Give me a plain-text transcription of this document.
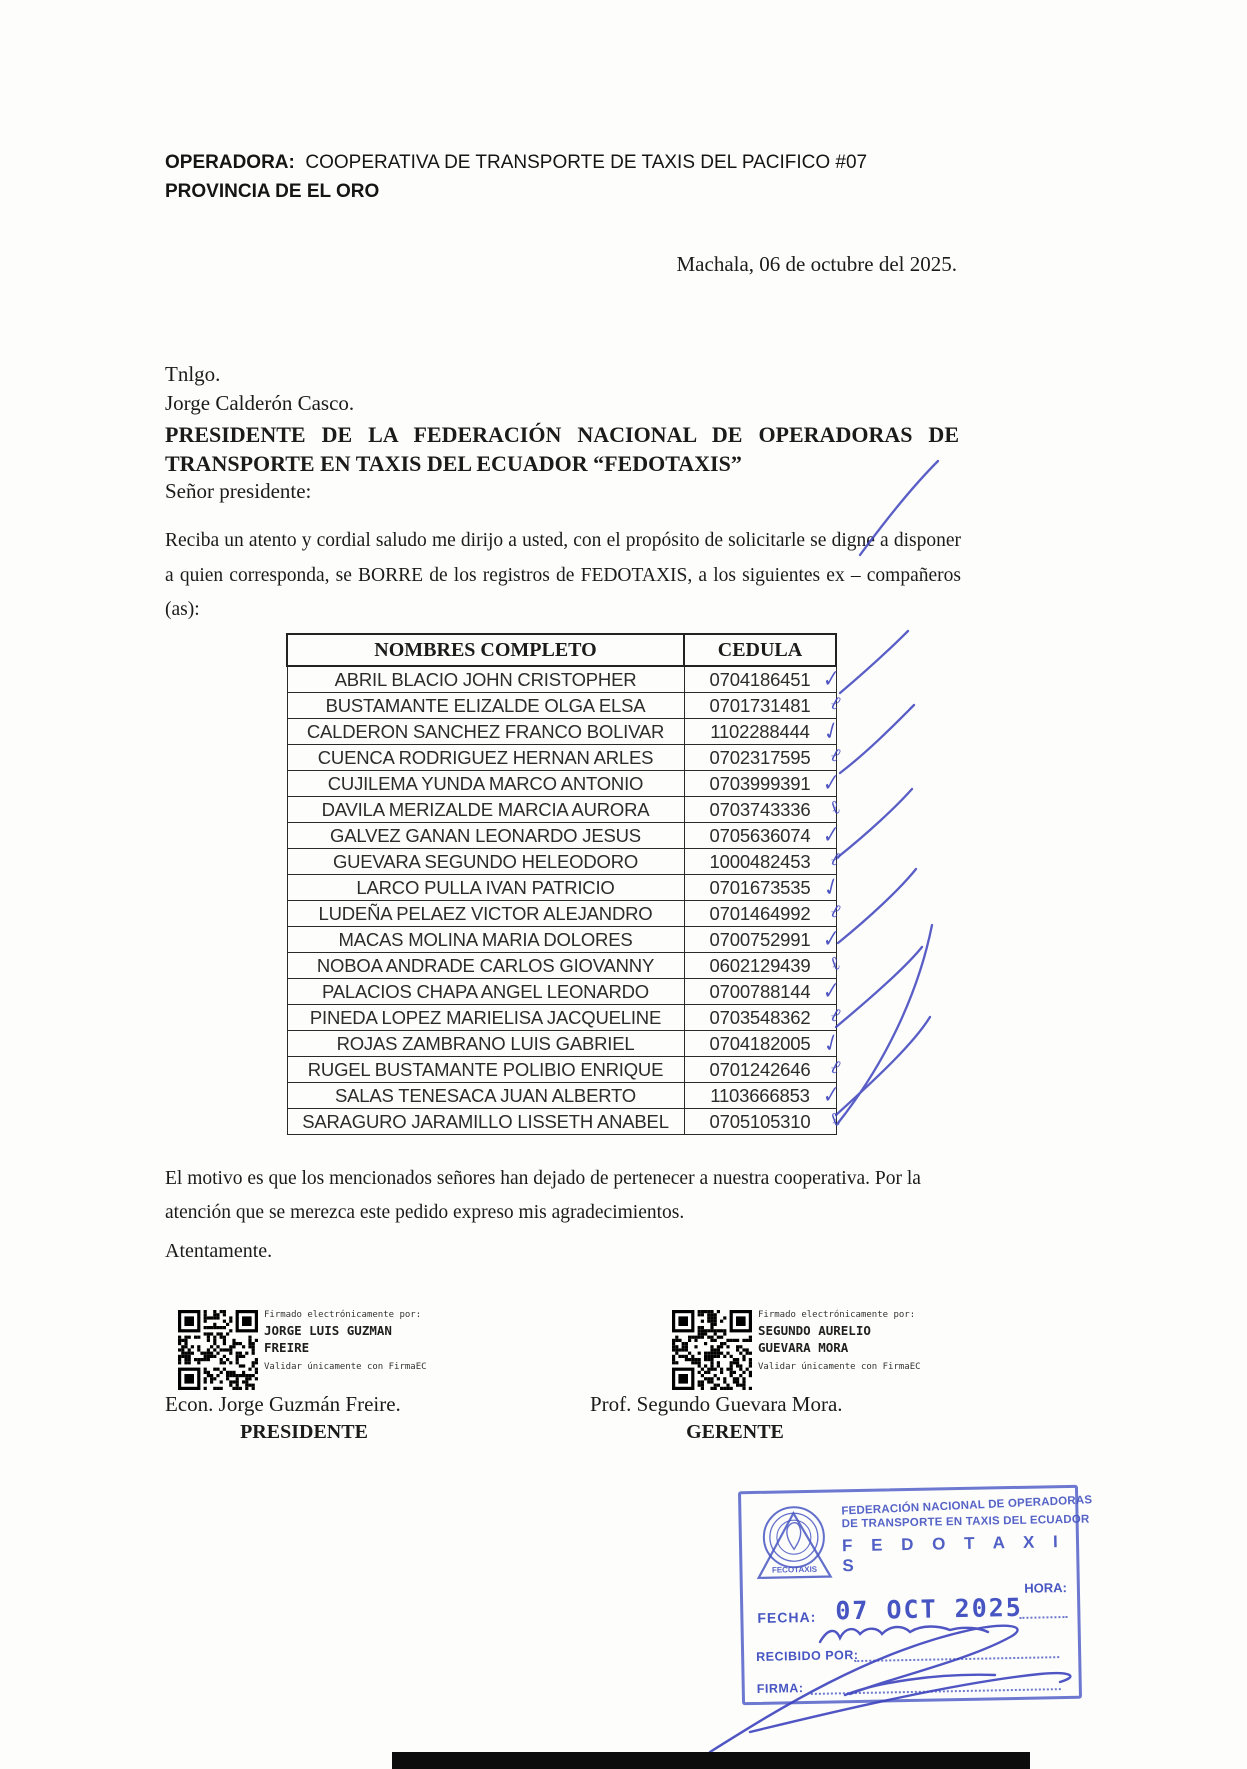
OPERADORA: COOPERATIVA DE TRANSPORTE DE TAXIS DEL PACIFICO #07
PROVINCIA DE EL ORO
Machala, 06 de octubre del 2025.
Tnlgo.
Jorge Calderón Casco.
PRESIDENTE DE LA FEDERACIÓN NACIONAL DE OPERADORAS DE TRANSPORTE EN TAXIS DEL ECUADOR “FEDOTAXIS”
Señor presidente:
Reciba un atento y cordial saludo me dirijo a usted, con el propósito de solicitarle se digne a disponer a quien corresponda, se BORRE de los registros de FEDOTAXIS, a los siguientes ex – compañeros (as):
NOMBRES COMPLETO	CEDULA
ABRIL BLACIO JOHN CRISTOPHER	0704186451 ✓
BUSTAMANTE ELIZALDE OLGA ELSA	0701731481 ℓ
CALDERON SANCHEZ FRANCO BOLIVAR	1102288444 ✓
CUENCA RODRIGUEZ HERNAN ARLES	0702317595 ℓ
CUJILEMA YUNDA MARCO ANTONIO	0703999391 ✓
DAVILA MERIZALDE MARCIA AURORA	0703743336 ℓ
GALVEZ GANAN LEONARDO JESUS	0705636074 ✓
GUEVARA SEGUNDO HELEODORO	1000482453 ℓ
LARCO PULLA IVAN PATRICIO	0701673535 ✓
LUDEÑA PELAEZ VICTOR ALEJANDRO	0701464992 ℓ
MACAS MOLINA MARIA DOLORES	0700752991 ✓
NOBOA ANDRADE CARLOS GIOVANNY	0602129439 ℓ
PALACIOS CHAPA ANGEL LEONARDO	0700788144 ✓
PINEDA LOPEZ MARIELISA JACQUELINE	0703548362 ℓ
ROJAS ZAMBRANO LUIS GABRIEL	0704182005 ✓
RUGEL BUSTAMANTE POLIBIO ENRIQUE	0701242646 ℓ
SALAS TENESACA JUAN ALBERTO	1103666853 ✓
SARAGURO JARAMILLO LISSETH ANABEL	0705105310 ℓ
El motivo es que los mencionados señores han dejado de pertenecer a nuestra cooperativa. Por la atención que se merezca este pedido expreso mis agradecimientos.
Atentamente.
Firmado electrónicamente por:
JORGE LUIS GUZMAN FREIRE
Validar únicamente con FirmaEC
Econ. Jorge Guzmán Freire.
PRESIDENTE
Firmado electrónicamente por:
SEGUNDO AURELIO GUEVARA MORA
Validar únicamente con FirmaEC
Prof. Segundo Guevara Mora.
GERENTE
FECOTAXIS
FEDERACIÓN NACIONAL DE OPERADORAS
DE TRANSPORTE EN TAXIS DEL ECUADOR
F E D O T A X I S
HORA:
FECHA: 07 OCT 2025
RECIBIDO POR:
FIRMA:
